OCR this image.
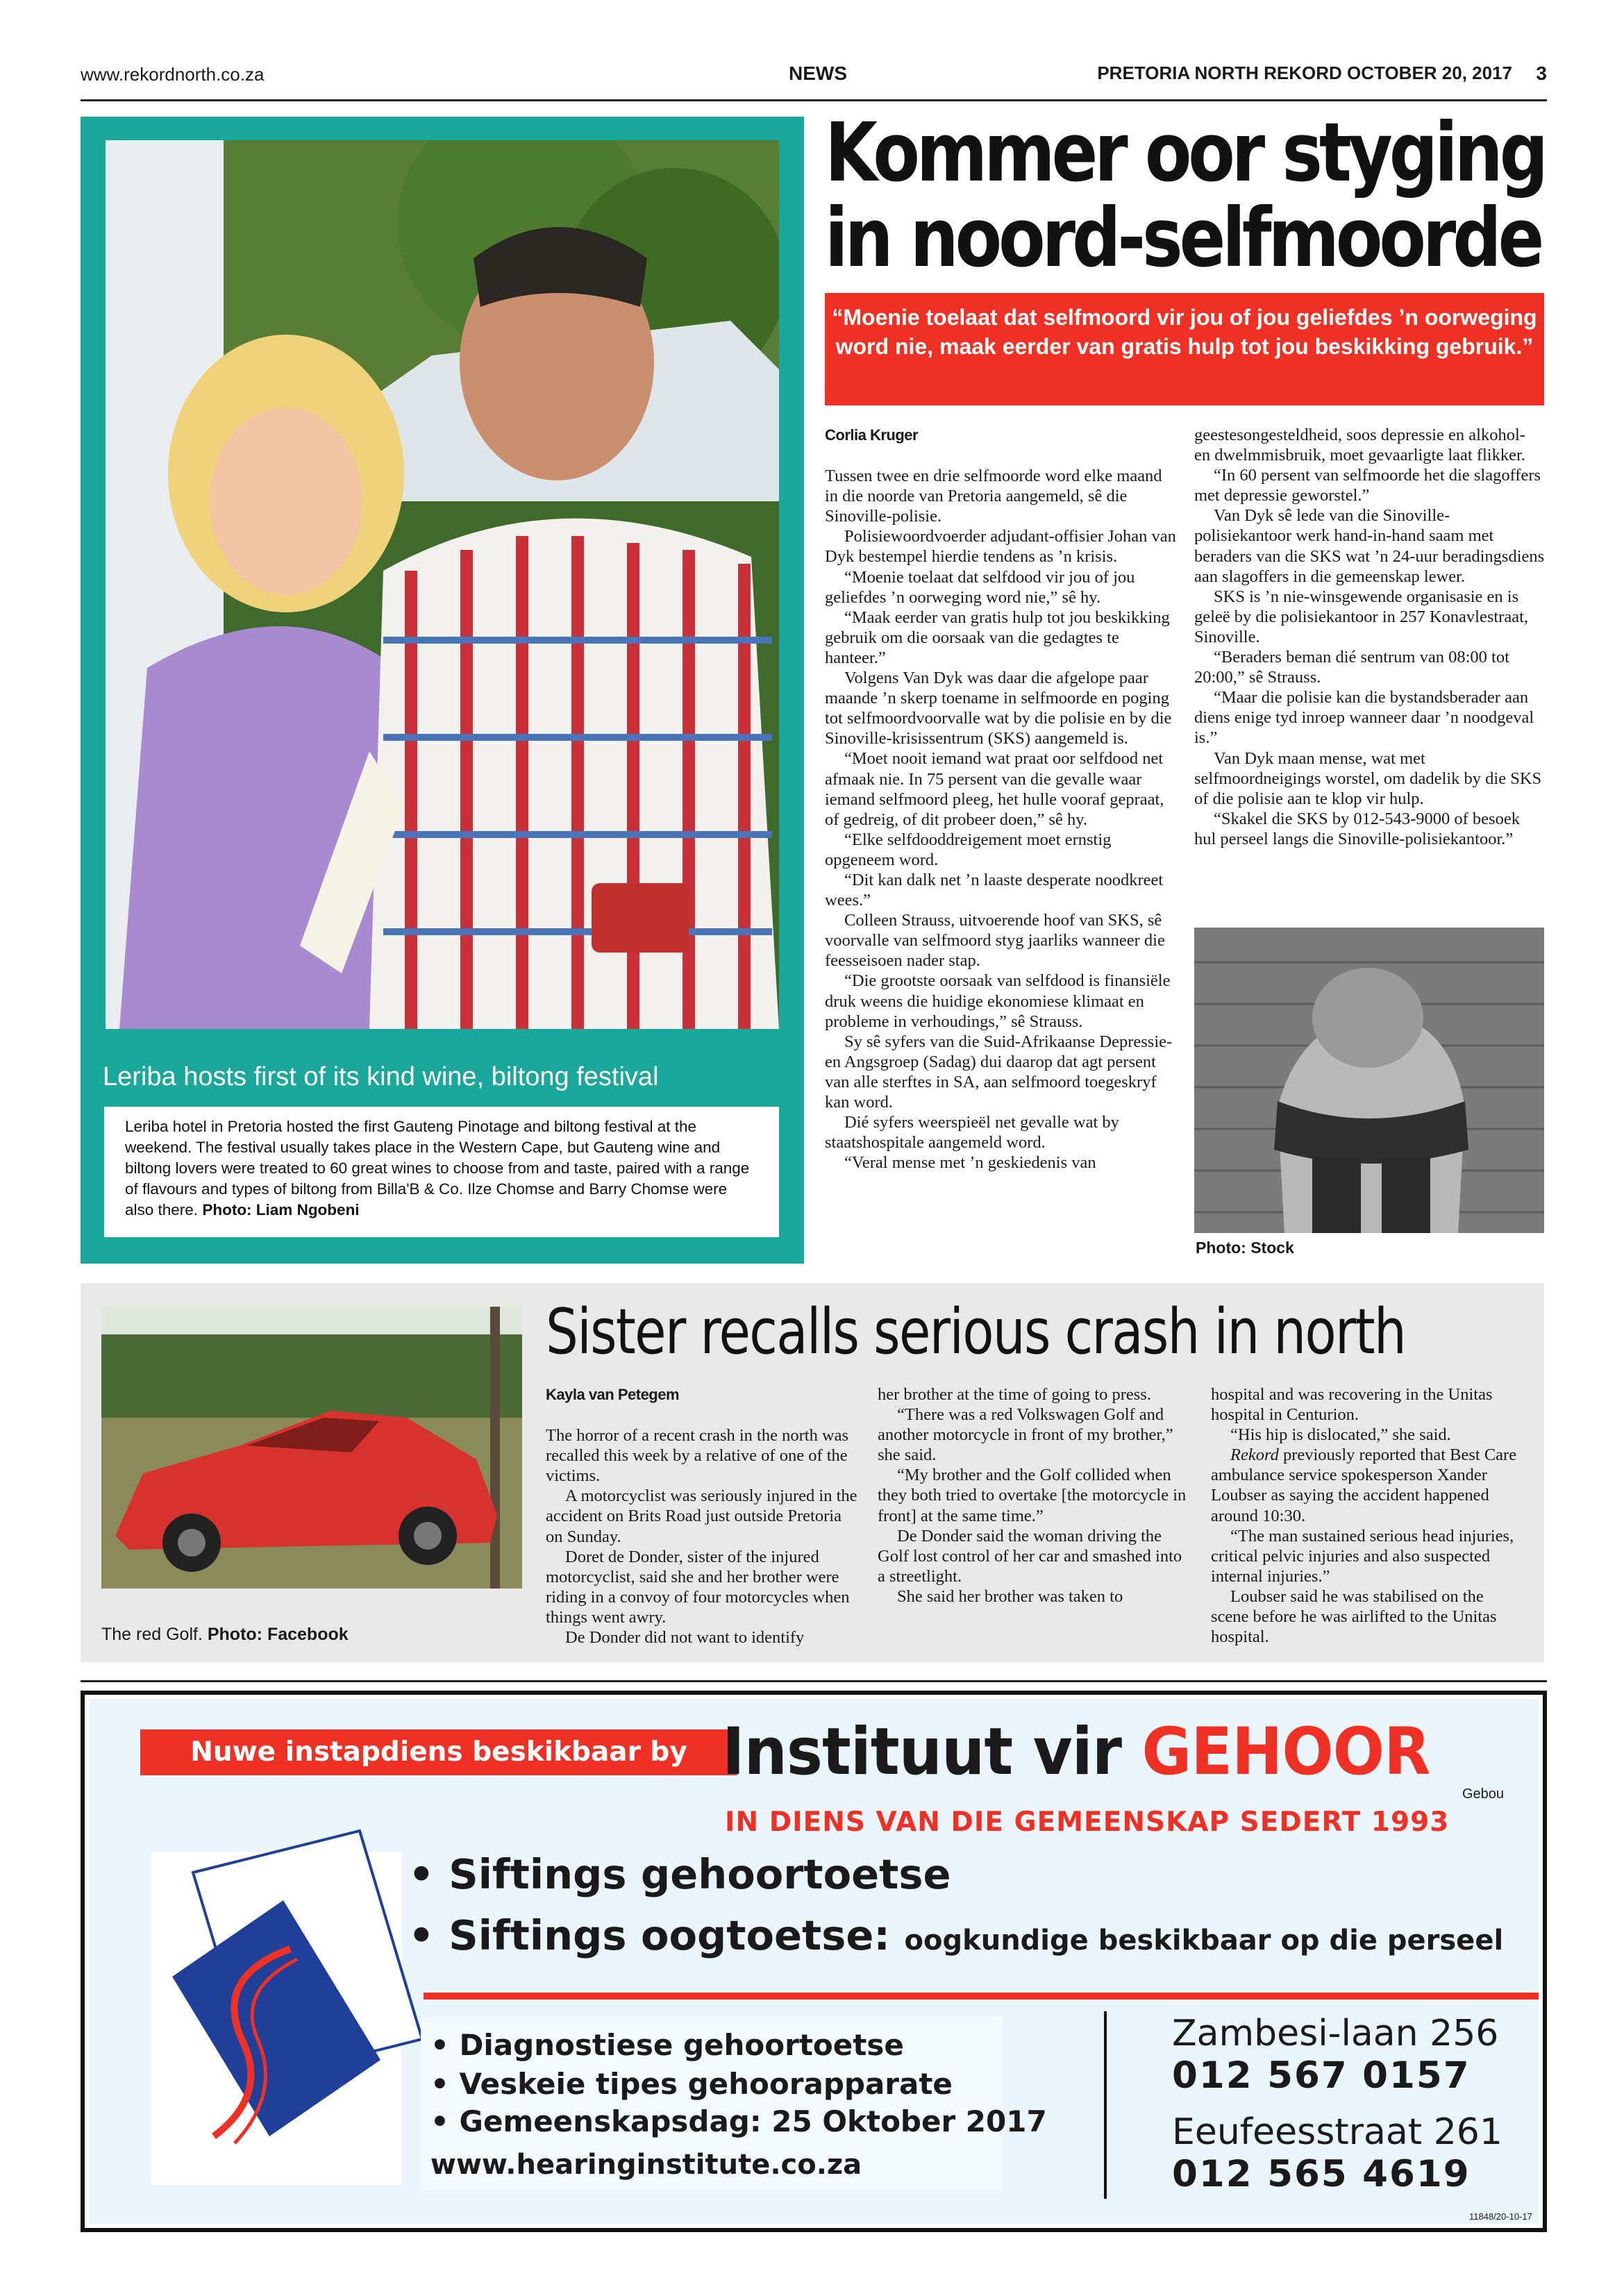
www.rekordnorth.co.za	NEWS	PRETORIA NORTH REKORD OCTOBER 20, 2017 3
Leriba hosts first of its kind wine, biltong festival
Leriba hotel in Pretoria hosted the first Gauteng Pinotage and biltong festival at the weekend. The festival usually takes place in the Western Cape, but Gauteng wine and biltong lovers were treated to 60 great wines to choose from and taste, paired with a range of flavours and types of biltong from Billa'B & Co. Ilze Chomse and Barry Chomse were also there. Photo: Liam Ngobeni
Kommer oor styging
in noord-selfmoorde
“Moenie toelaat dat selfmoord vir jou of jou geliefdes ’n oorweging word nie, maak eerder van gratis hulp tot jou beskikking gebruik.”
Corlia Kruger

Tussen twee en drie selfmoorde word elke maand in die noorde van Pretoria aangemeld, sê die Sinoville-polisie.

Polisiewoordvoerder adjudant-offisier Johan van Dyk bestempel hierdie tendens as ’n krisis.

“Moenie toelaat dat selfdood vir jou of jou geliefdes ’n oorweging word nie,” sê hy.

“Maak eerder van gratis hulp tot jou beskikking gebruik om die oorsaak van die gedagtes te hanteer.”

Volgens Van Dyk was daar die afgelope paar maande ’n skerp toename in selfmoorde en poging tot selfmoordvoorvalle wat by die polisie en by die Sinoville-krisissentrum (SKS) aangemeld is.

“Moet nooit iemand wat praat oor selfdood net afmaak nie. In 75 persent van die gevalle waar iemand selfmoord pleeg, het hulle vooraf gepraat, of gedreig, of dit probeer doen,” sê hy.

“Elke selfdooddreigement moet ernstig opgeneem word.

“Dit kan dalk net ’n laaste desperate noodkreet wees.”

Colleen Strauss, uitvoerende hoof van SKS, sê voorvalle van selfmoord styg jaarliks wanneer die feesseisoen nader stap.

“Die grootste oorsaak van selfdood is finansiële druk weens die huidige ekonomiese klimaat en probleme in verhoudings,” sê Strauss.

Sy sê syfers van die Suid-Afrikaanse Depressie- en Angsgroep (Sadag) dui daarop dat agt persent van alle sterftes in SA, aan selfmoord toegeskryf kan word.

Dié syfers weerspieël net gevalle wat by staatshospitale aangemeld word.

“Veral mense met ’n geskiedenis van

geestesongesteldheid, soos depressie en alkohol- en dwelmmisbruik, moet gevaarligte laat flikker.

“In 60 persent van selfmoorde het die slagoffers met depressie geworstel.”

Van Dyk sê lede van die Sinoville-polisiekantoor werk hand-in-hand saam met beraders van die SKS wat ’n 24-uur beradingsdiens aan slagoffers in die gemeenskap lewer.

SKS is ’n nie-winsgewende organisasie en is geleë by die polisiekantoor in 257 Konavlestraat, Sinoville.

“Beraders beman dié sentrum van 08:00 tot 20:00,” sê Strauss.

“Maar die polisie kan die bystandsberader aan diens enige tyd inroep wanneer daar ’n noodgeval is.”

Van Dyk maan mense, wat met selfmoordneigings worstel, om dadelik by die SKS of die polisie aan te klop vir hulp.

“Skakel die SKS by 012-543-9000 of besoek hul perseel langs die Sinoville-polisiekantoor.”

Photo: Stock
The red Golf. Photo: Facebook
Sister recalls serious crash in north
Kayla van Petegem

The horror of a recent crash in the north was recalled this week by a relative of one of the victims.

A motorcyclist was seriously injured in the accident on Brits Road just outside Pretoria on Sunday.

Doret de Donder, sister of the injured motorcyclist, said she and her brother were riding in a convoy of four motorcycles when things went awry.

De Donder did not want to identify

her brother at the time of going to press.

“There was a red Volkswagen Golf and another motorcycle in front of my brother,” she said.

“My brother and the Golf collided when they both tried to overtake [the motorcycle in front] at the same time.”

De Donder said the woman driving the Golf lost control of her car and smashed into a streetlight.

She said her brother was taken to

hospital and was recovering in the Unitas hospital in Centurion.

“His hip is dislocated,” she said.

Rekord previously reported that Best Care ambulance service spokesperson Xander Loubser as saying the accident happened around 10:30.

“The man sustained serious head injuries, critical pelvic injuries and also suspected internal injuries.”

Loubser said he was stabilised on the scene before he was airlifted to the Unitas hospital.

Nuwe instapdiens beskikbaar by Instituut vir GEHOOR
Gebou
IN DIENS VAN DIE GEMEENSKAP SEDERT 1993
• Siftings gehoortoetse
• Siftings oogtoetse: oogkundige beskikbaar op die perseel
• Diagnostiese gehoortoetse
• Veskeie tipes gehoorapparate
• Gemeenskapsdag: 25 Oktober 2017
www.hearinginstitute.co.za
Zambesi-laan 256
012 567 0157
Eeufeesstraat 261
012 565 4619
11848/20-10-17
